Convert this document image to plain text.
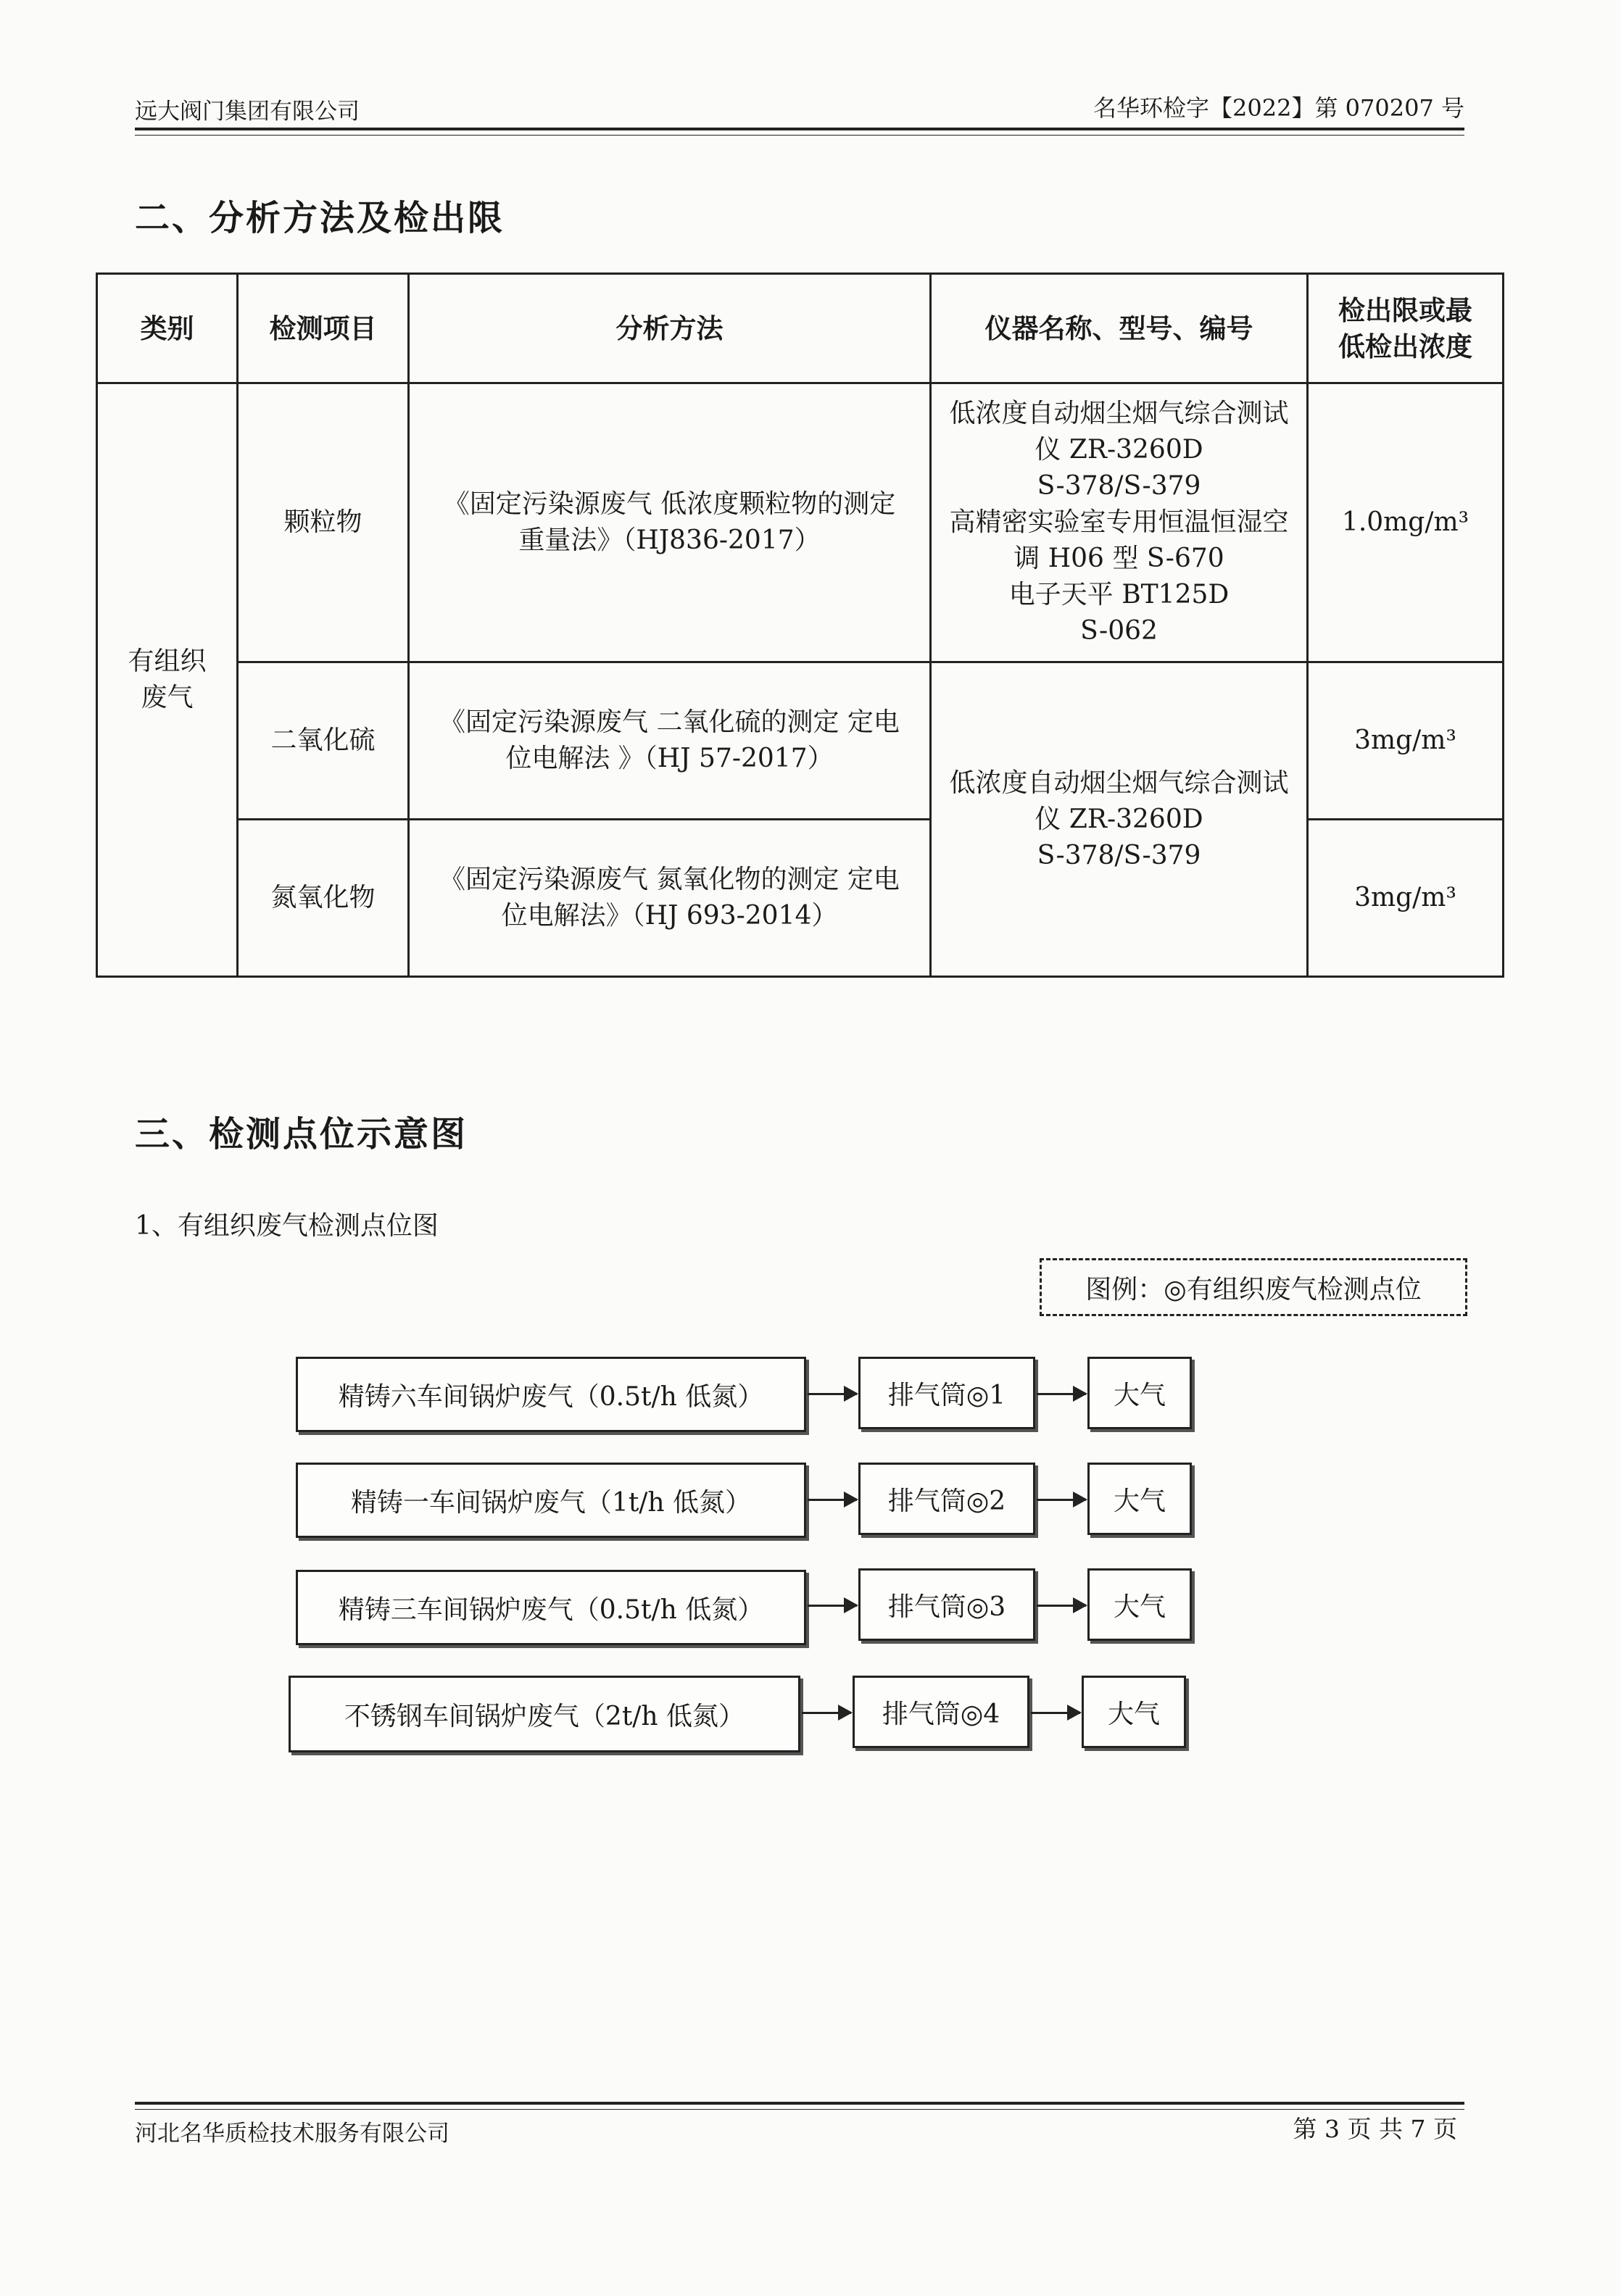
远大阀门集团有限公司	名华环检字【2022】第 070207 号
二、分析方法及检出限
类别	检测项目	分析方法	仪器名称、型号、编号	检出限或最低检出浓度
有组织废气	颗粒物	《固定污染源废气 低浓度颗粒物的测定 重量法》（HJ836-2017）	低浓度自动烟尘烟气综合测试仪 ZR-3260D
S-378/S-379
高精密实验室专用恒温恒湿空调 H06 型 S-670
电子天平 BT125D
S-062	1.0mg/m³
	二氧化硫	《固定污染源废气 二氧化硫的测定 定电位电解法 》（HJ 57-2017）	低浓度自动烟尘烟气综合测试仪 ZR-3260D
S-378/S-379	3mg/m³
	氮氧化物	《固定污染源废气 氮氧化物的测定 定电位电解法》（HJ 693-2014）		3mg/m³
三、检测点位示意图
1、有组织废气检测点位图
图例：◎有组织废气检测点位
精铸六车间锅炉废气（0.5t/h 低氮）	排气筒◎1	大气
精铸一车间锅炉废气（1t/h 低氮）	排气筒◎2	大气
精铸三车间锅炉废气（0.5t/h 低氮）	排气筒◎3	大气
不锈钢车间锅炉废气（2t/h 低氮）	排气筒◎4	大气
河北名华质检技术服务有限公司	第 3 页 共 7 页
